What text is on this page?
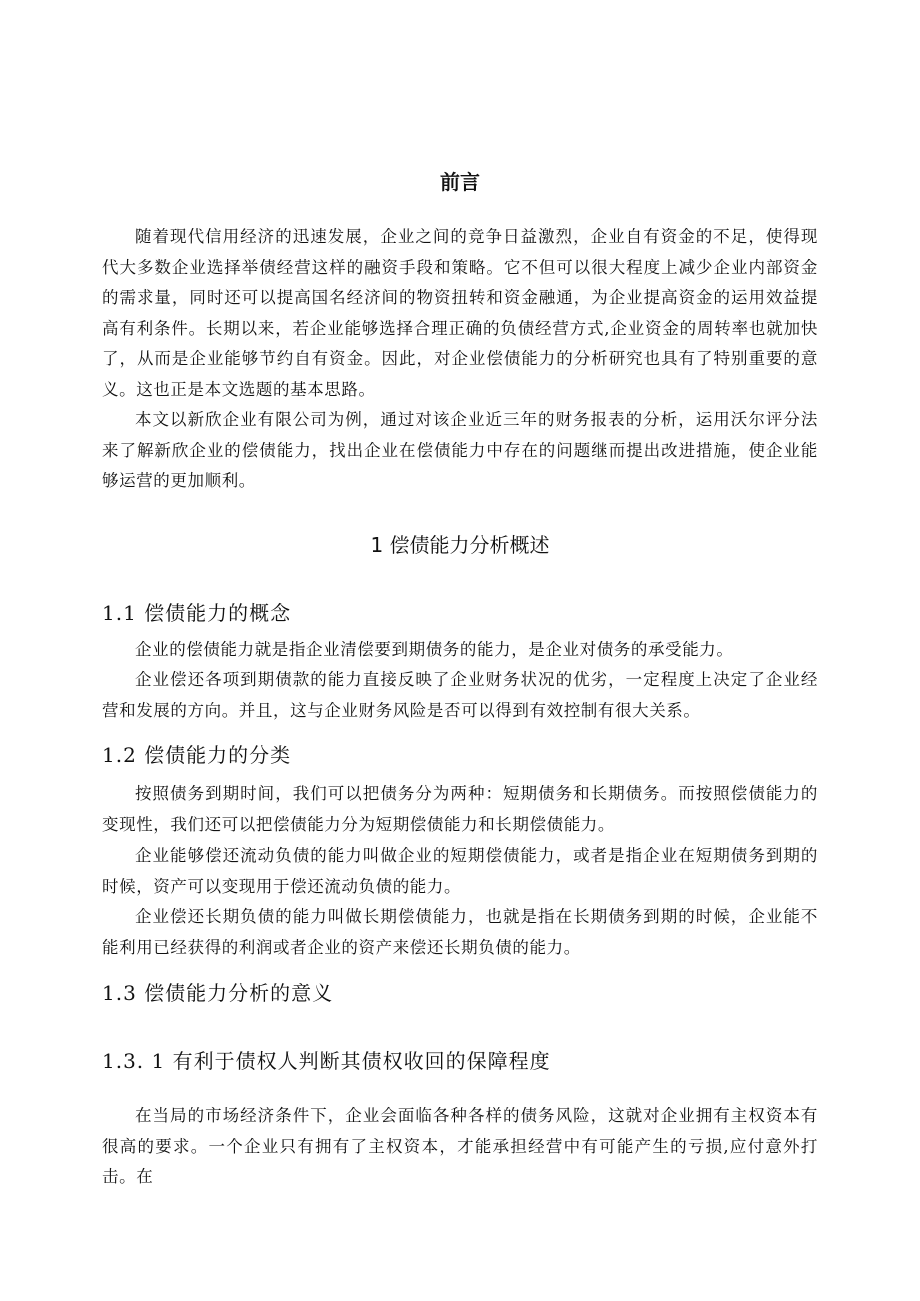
前言

随着现代信用经济的迅速发展，企业之间的竞争日益激烈，企业自有资金的不足，使得现代大多数企业选择举债经营这样的融资手段和策略。它不但可以很大程度上减少企业内部资金的需求量，同时还可以提高国名经济间的物资扭转和资金融通，为企业提高资金的运用效益提高有利条件。长期以来，若企业能够选择合理正确的负债经营方式,企业资金的周转率也就加快了，从而是企业能够节约自有资金。因此，对企业偿债能力的分析研究也具有了特别重要的意义。这也正是本文选题的基本思路。

本文以新欣企业有限公司为例，通过对该企业近三年的财务报表的分析，运用沃尔评分法来了解新欣企业的偿债能力，找出企业在偿债能力中存在的问题继而提出改进措施，使企业能够运营的更加顺利。

1 偿债能力分析概述
1.1 偿债能力的概念

企业的偿债能力就是指企业清偿要到期债务的能力，是企业对债务的承受能力。

企业偿还各项到期债款的能力直接反映了企业财务状况的优劣，一定程度上决定了企业经营和发展的方向。并且，这与企业财务风险是否可以得到有效控制有很大关系。

1.2 偿债能力的分类

按照债务到期时间，我们可以把债务分为两种：短期债务和长期债务。而按照偿债能力的变现性，我们还可以把偿债能力分为短期偿债能力和长期偿债能力。

企业能够偿还流动负债的能力叫做企业的短期偿债能力，或者是指企业在短期债务到期的时候，资产可以变现用于偿还流动负债的能力。

企业偿还长期负债的能力叫做长期偿债能力，也就是指在长期债务到期的时候，企业能不能利用已经获得的利润或者企业的资产来偿还长期负债的能力。

1.3 偿债能力分析的意义
1.3. 1 有利于债权人判断其债权收回的保障程度

在当局的市场经济条件下，企业会面临各种各样的债务风险，这就对企业拥有主权资本有很高的要求。一个企业只有拥有了主权资本，才能承担经营中有可能产生的亏损,应付意外打击。在
